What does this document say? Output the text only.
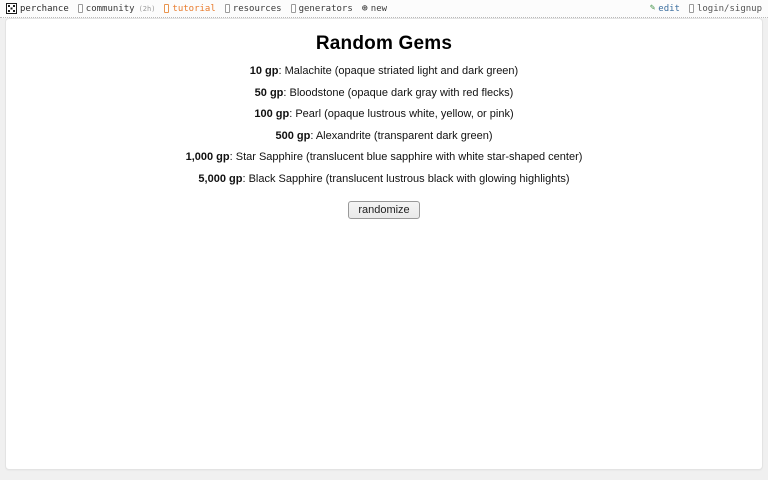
perchance community (2h) tutorial resources generators ⊕ new	✎ edit login/signup
Random Gems

10 gp: Malachite (opaque striated light and dark green)

50 gp: Bloodstone (opaque dark gray with red flecks)

100 gp: Pearl (opaque lustrous white, yellow, or pink)

500 gp: Alexandrite (transparent dark green)

1,000 gp: Star Sapphire (translucent blue sapphire with white star-shaped center)

5,000 gp: Black Sapphire (translucent lustrous black with glowing highlights)

randomize
